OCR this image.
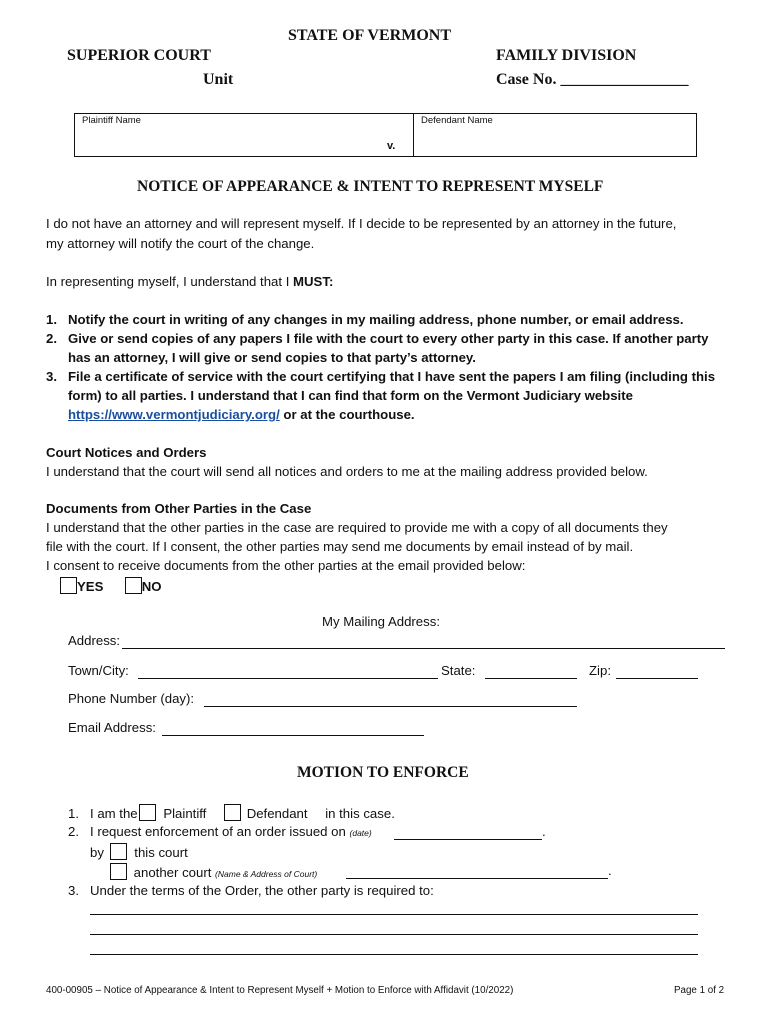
STATE OF VERMONT
SUPERIOR COURT
Unit
FAMILY DIVISION
Case No. ________________
Plaintiff Name	Defendant Name
v.
NOTICE OF APPEARANCE & INTENT TO REPRESENT MYSELF
I do not have an attorney and will represent myself. If I decide to be represented by an attorney in the future,
my attorney will notify the court of the change.
In representing myself, I understand that I MUST:
1. Notify the court in writing of any changes in my mailing address, phone number, or email address.
2. Give or send copies of any papers I file with the court to every other party in this case. If another party
has an attorney, I will give or send copies to that party’s attorney.
3. File a certificate of service with the court certifying that I have sent the papers I am filing (including this
form) to all parties. I understand that I can find that form on the Vermont Judiciary website
https://www.vermontjudiciary.org/ or at the courthouse.
Court Notices and Orders
I understand that the court will send all notices and orders to me at the mailing address provided below.
Documents from Other Parties in the Case
I understand that the other parties in the case are required to provide me with a copy of all documents they
file with the court. If I consent, the other parties may send me documents by email instead of by mail.
I consent to receive documents from the other parties at the email provided below:
YES	NO
My Mailing Address:
Address:
Town/City:	State:	Zip:
Phone Number (day):
Email Address:
MOTION TO ENFORCE
1. I am the Plaintiff	Defendant in this case.
2. I request enforcement of an order issued on (date)	.
by this court
another court (Name & Address of Court)	.
3. Under the terms of the Order, the other party is required to:
400-00905 – Notice of Appearance & Intent to Represent Myself + Motion to Enforce with Affidavit (10/2022)	Page 1 of 2
